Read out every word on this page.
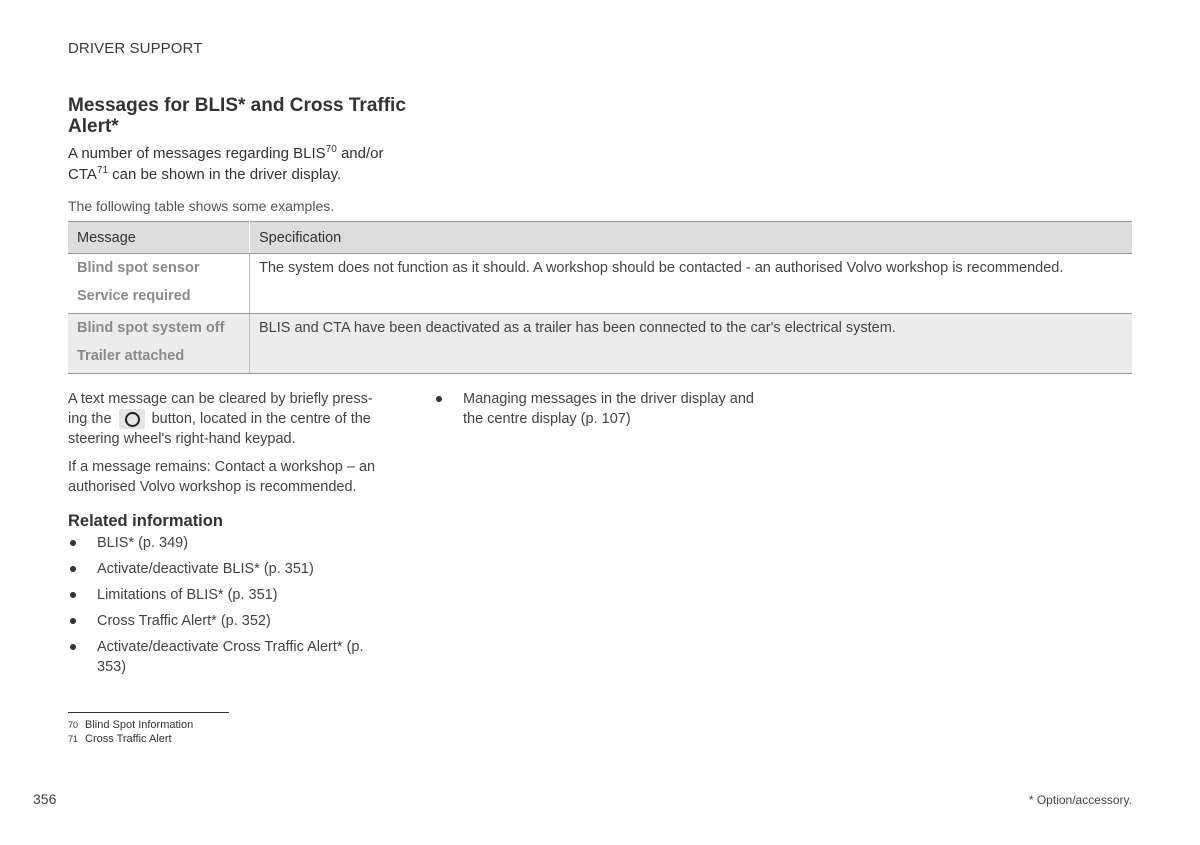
DRIVER SUPPORT
Messages for BLIS* and Cross Traffic Alert*
A number of messages regarding BLIS$^{70}$ and/or CTA$^{71}$ can be shown in the driver display.
The following table shows some examples.
Message	Specification

Blind spot sensor
Service required	The system does not function as it should. A workshop should be contacted - an authorised Volvo workshop is recommended.

Blind spot system off
Trailer attached	BLIS and CTA have been deactivated as a trailer has been connected to the car's electrical system.

A text message can be cleared by briefly press- ing the  button, located in the centre of the steering wheel's right-hand keypad.

If a message remains: Contact a workshop – an authorised Volvo workshop is recommended.

Managing messages in the driver display and the centre display (p. 107)
Related information
BLIS* (p. 349)
Activate/deactivate BLIS* (p. 351)
Limitations of BLIS* (p. 351)
Cross Traffic Alert* (p. 352)
Activate/deactivate Cross Traffic Alert* (p. 353)
70 Blind Spot Information
71 Cross Traffic Alert
356	* Option/accessory.
